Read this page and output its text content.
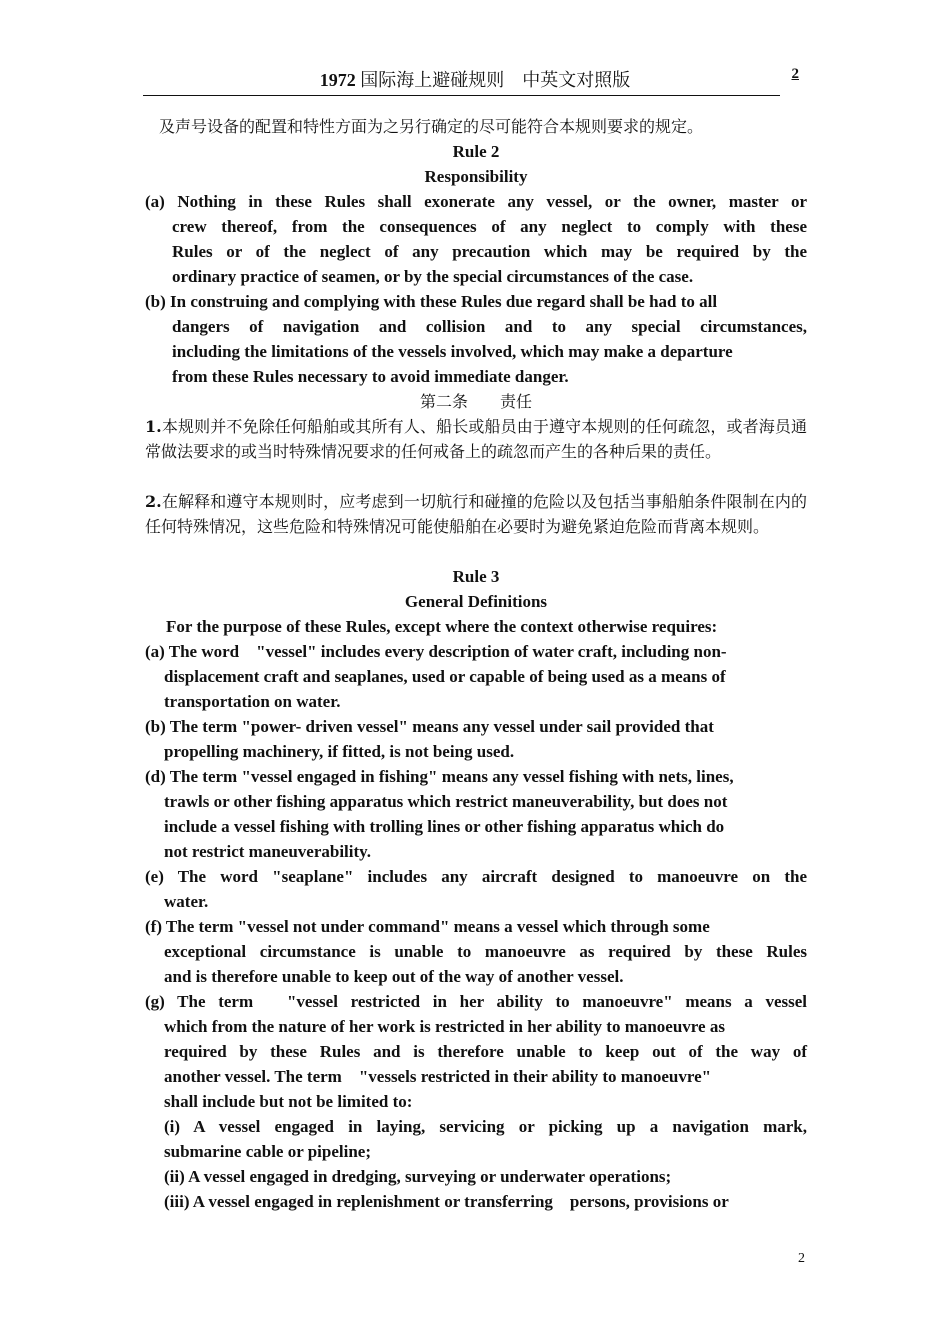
1972 国际海上避碰规则　中英文对照版	2
及声号设备的配置和特性方面为之另行确定的尽可能符合本规则要求的规定。
Rule 2
Responsibility
(a) Nothing in these Rules shall exonerate any vessel, or the owner, master or
crew thereof, from the consequences of any neglect to comply with these
Rules or of the neglect of any precaution which may be required by the
ordinary practice of seamen, or by the special circumstances of the case.
(b) In construing and complying with these Rules due regard shall be had to all
dangers of navigation and collision and to any special circumstances,
including the limitations of the vessels involved, which may make a departure
from these Rules necessary to avoid immediate danger.
第二条　　责任
1.本规则并不免除任何船舶或其所有人、船长或船员由于遵守本规则的任何疏忽，或者海员通常做法要求的或当时特殊情况要求的任何戒备上的疏忽而产生的各种后果的责任。
2.在解释和遵守本规则时，应考虑到一切航行和碰撞的危险以及包括当事船舶条件限制在内的任何特殊情况，这些危险和特殊情况可能使船舶在必要时为避免紧迫危险而背离本规则。
Rule 3
General Definitions
For the purpose of these Rules, except where the context otherwise requires:
(a) The word　"vessel" includes every description of water craft, including non-
displacement craft and seaplanes, used or capable of being used as a means of
transportation on water.
(b) The term "power- driven vessel" means any vessel under sail provided that
propelling machinery, if fitted, is not being used.
(d) The term "vessel engaged in fishing" means any vessel fishing with nets, lines,
trawls or other fishing apparatus which restrict maneuverability, but does not
include a vessel fishing with trolling lines or other fishing apparatus which do
not restrict maneuverability.
(e) The word "seaplane" includes any aircraft designed to manoeuvre on the
water.
(f) The term "vessel not under command" means a vessel which through some
exceptional circumstance is unable to manoeuvre as required by these Rules
and is therefore unable to keep out of the way of another vessel.
(g) The term　"vessel restricted in her ability to manoeuvre" means a vessel
which from the nature of her work is restricted in her ability to manoeuvre as
required by these Rules and is therefore unable to keep out of the way of
another vessel. The term　"vessels restricted in their ability to manoeuvre"
shall include but not be limited to:
(i) A vessel engaged in laying, servicing or picking up a navigation mark,
submarine cable or pipeline;
(ii) A vessel engaged in dredging, surveying or underwater operations;
(iii) A vessel engaged in replenishment or transferring　persons, provisions or
2
